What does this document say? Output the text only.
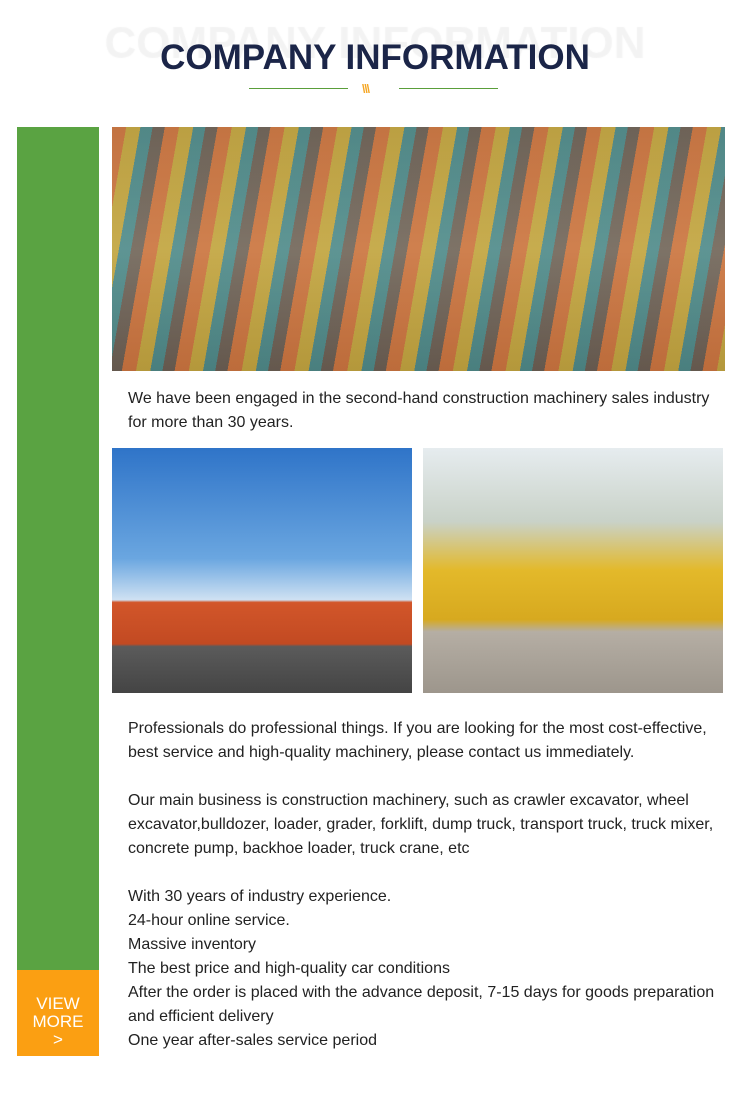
COMPANY INFORMATION
\\\
VIEW
MORE
>
We have been engaged in the second-hand construction machinery sales industry for more than 30 years.
Professionals do professional things. If you are looking for the most cost-effective, best service and high-quality machinery, please contact us immediately.
Our main business is construction machinery, such as crawler excavator, wheel excavator,bulldozer, loader, grader, forklift, dump truck, transport truck, truck mixer, concrete pump, backhoe loader, truck crane, etc
With 30 years of industry experience.
24-hour online service.
Massive inventory
The best price and high-quality car conditions
After the order is placed with the advance deposit, 7-15 days for goods preparation and efficient delivery
One year after-sales service period
